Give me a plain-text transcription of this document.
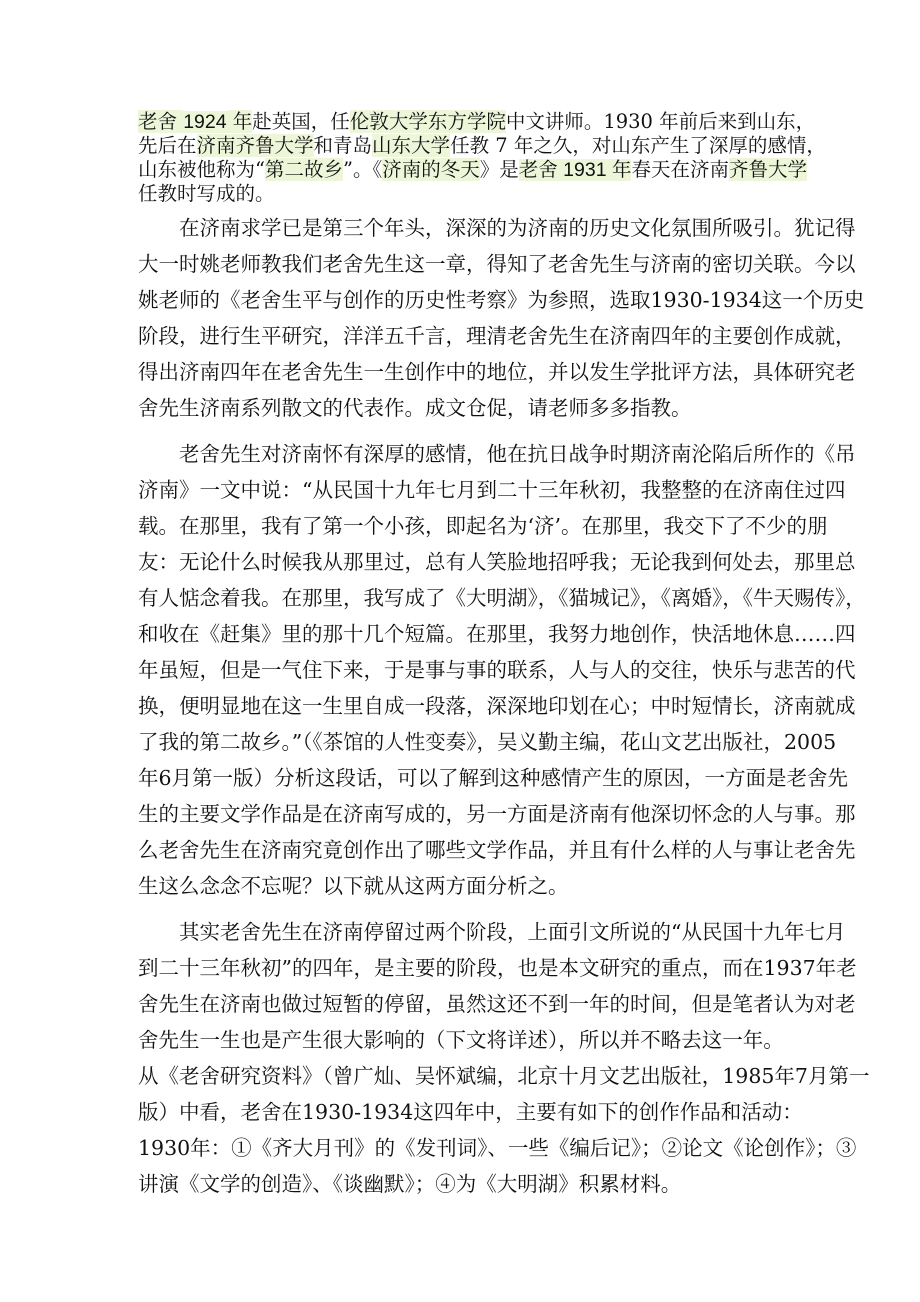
老舍 1924 年赴英国，任伦敦大学东方学院中文讲师。1930 年前后来到山东，
先后在济南齐鲁大学和青岛山东大学任教 7 年之久，对山东产生了深厚的感情，
山东被他称为“第二故乡”。《济南的冬天》是老舍 1931 年春天在济南齐鲁大学
任教时写成的。
在济南求学已是第三个年头，深深的为济南的历史文化氛围所吸引。犹记得
大一时姚老师教我们老舍先生这一章，得知了老舍先生与济南的密切关联。今以
姚老师的《老舍生平与创作的历史性考察》为参照，选取1930-1934这一个历史
阶段，进行生平研究，洋洋五千言，理清老舍先生在济南四年的主要创作成就，
得出济南四年在老舍先生一生创作中的地位，并以发生学批评方法，具体研究老
舍先生济南系列散文的代表作。成文仓促，请老师多多指教。
老舍先生对济南怀有深厚的感情，他在抗日战争时期济南沦陷后所作的《吊
济南》一文中说：“从民国十九年七月到二十三年秋初，我整整的在济南住过四
载。在那里，我有了第一个小孩，即起名为‘济’。在那里，我交下了不少的朋
友：无论什么时候我从那里过，总有人笑脸地招呼我；无论我到何处去，那里总
有人惦念着我。在那里，我写成了《大明湖》，《猫城记》，《离婚》，《牛天赐传》，
和收在《赶集》里的那十几个短篇。在那里，我努力地创作，快活地休息……四
年虽短，但是一气住下来，于是事与事的联系，人与人的交往，快乐与悲苦的代
换，便明显地在这一生里自成一段落，深深地印划在心；中时短情长，济南就成
了我的第二故乡。”（《茶馆的人性变奏》，吴义勤主编，花山文艺出版社，2005
年6月第一版）分析这段话，可以了解到这种感情产生的原因，一方面是老舍先
生的主要文学作品是在济南写成的，另一方面是济南有他深切怀念的人与事。那
么老舍先生在济南究竟创作出了哪些文学作品，并且有什么样的人与事让老舍先
生这么念念不忘呢？以下就从这两方面分析之。
其实老舍先生在济南停留过两个阶段，上面引文所说的“从民国十九年七月
到二十三年秋初”的四年，是主要的阶段，也是本文研究的重点，而在1937年老
舍先生在济南也做过短暂的停留，虽然这还不到一年的时间，但是笔者认为对老
舍先生一生也是产生很大影响的（下文将详述），所以并不略去这一年。
从《老舍研究资料》（曾广灿、吴怀斌编，北京十月文艺出版社，1985年7月第一
版）中看，老舍在1930-1934这四年中，主要有如下的创作作品和活动：
1930年：①《齐大月刊》的《发刊词》、一些《编后记》；②论文《论创作》；③
讲演《文学的创造》、《谈幽默》；④为《大明湖》积累材料。
